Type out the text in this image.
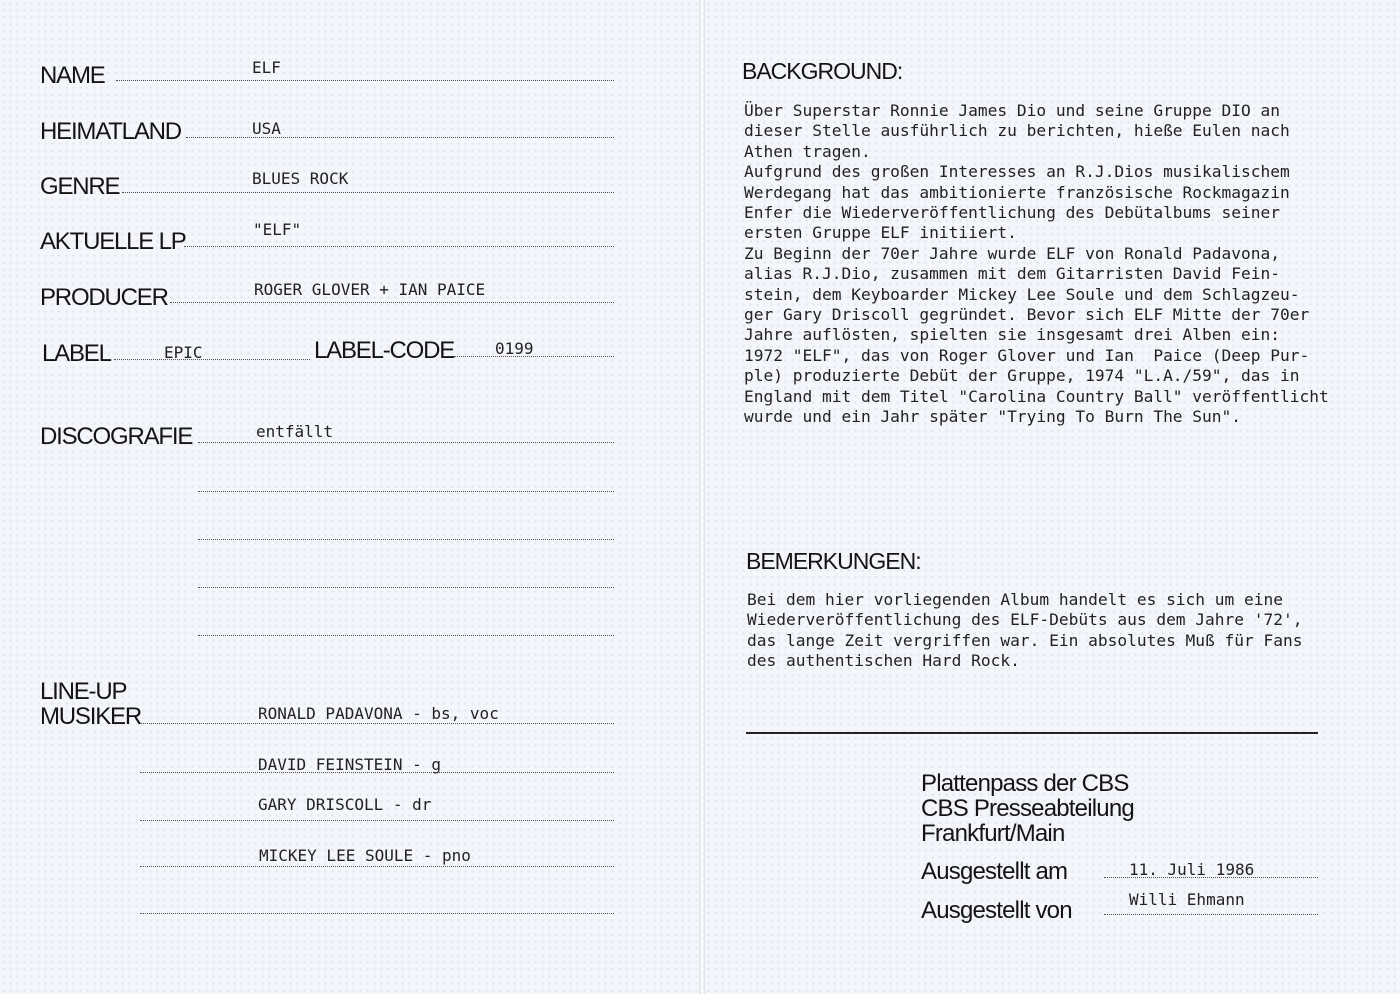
NAME	ELF
HEIMATLAND	USA
GENRE	BLUES ROCK
AKTUELLE LP	"ELF"
PRODUCER	ROGER GLOVER + IAN PAICE
LABEL	EPIC	LABEL-CODE	0199
DISCOGRAFIE	entfällt
LINE-UP
MUSIKER	RONALD PADAVONA - bs, voc
DAVID FEINSTEIN - g
GARY DRISCOLL - dr
MICKEY LEE SOULE - pno
BACKGROUND:
Über Superstar Ronnie James Dio und seine Gruppe DIO an
dieser Stelle ausführlich zu berichten, hieße Eulen nach
Athen tragen.
Aufgrund des großen Interesses an R.J.Dios musikalischem
Werdegang hat das ambitionierte französische Rockmagazin
Enfer die Wiederveröffentlichung des Debütalbums seiner
ersten Gruppe ELF initiiert.
Zu Beginn der 70er Jahre wurde ELF von Ronald Padavona,
alias R.J.Dio, zusammen mit dem Gitarristen David Fein-
stein, dem Keyboarder Mickey Lee Soule und dem Schlagzeu-
ger Gary Driscoll gegründet. Bevor sich ELF Mitte der 70er
Jahre auflösten, spielten sie insgesamt drei Alben ein:
1972 "ELF", das von Roger Glover und Ian  Paice (Deep Pur-
ple) produzierte Debüt der Gruppe, 1974 "L.A./59", das in
England mit dem Titel "Carolina Country Ball" veröffentlicht
wurde und ein Jahr später "Trying To Burn The Sun".
BEMERKUNGEN:
Bei dem hier vorliegenden Album handelt es sich um eine
Wiederveröffentlichung des ELF-Debüts aus dem Jahre '72',
das lange Zeit vergriffen war. Ein absolutes Muß für Fans
des authentischen Hard Rock.
Plattenpass der CBS
CBS Presseabteilung
Frankfurt/Main
Ausgestellt am	11. Juli 1986
Ausgestellt von	Willi Ehmann
